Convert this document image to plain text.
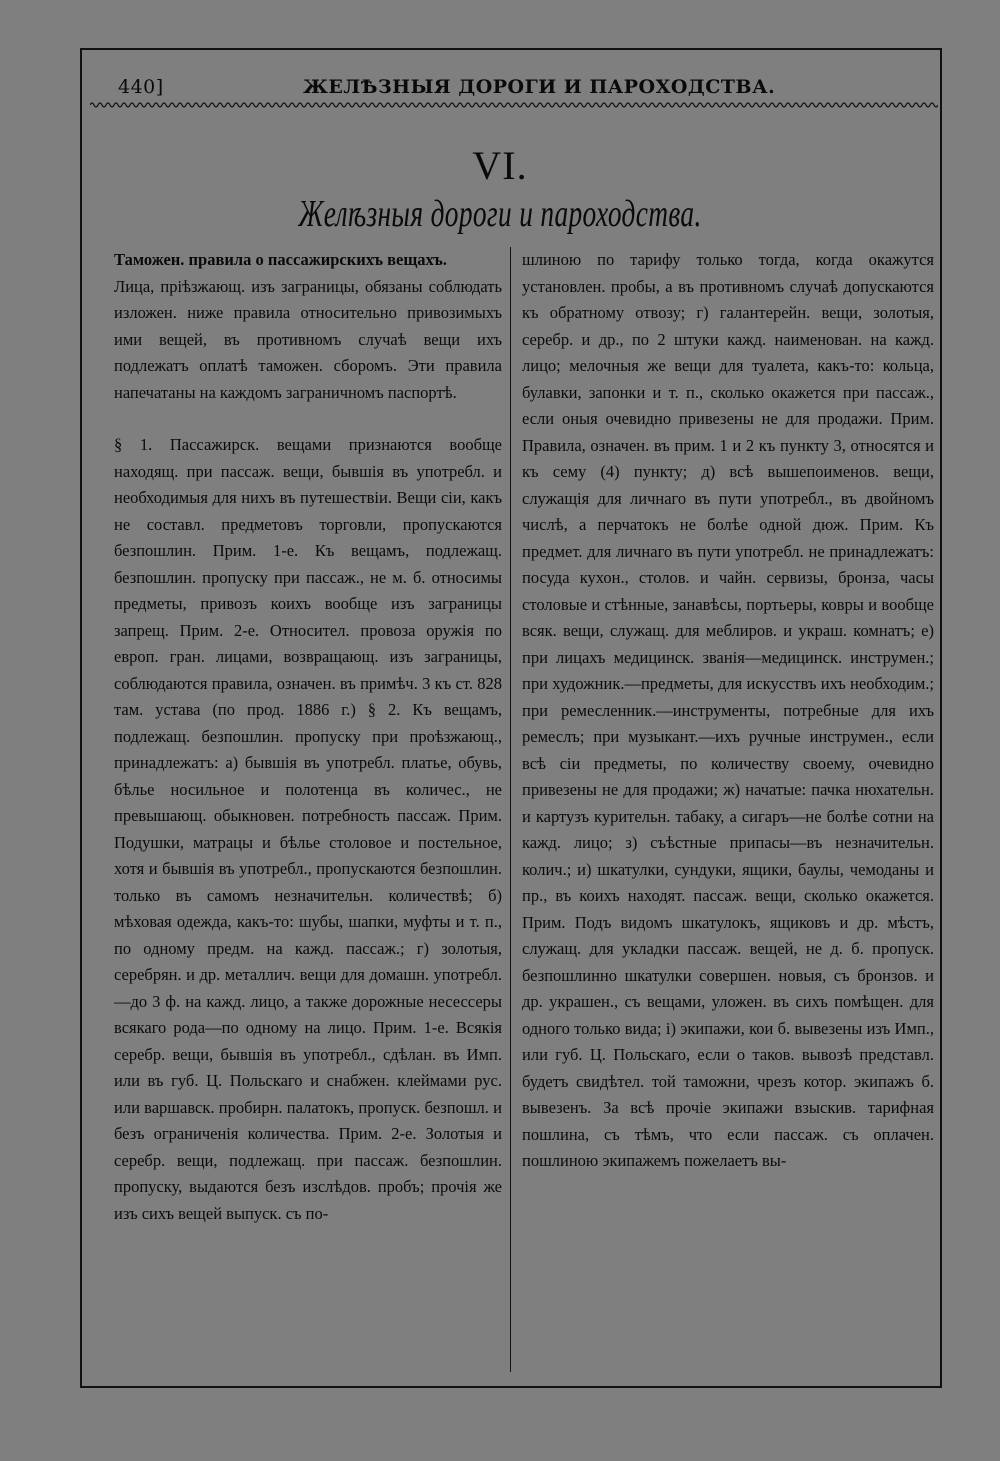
440]	ЖЕЛѢЗНЫЯ ДОРОГИ И ПАРОХОДСТВА.
VI.
Желѣзныя дороги и пароходства.

Таможен. правила о пассажирскихъ вещахъ.

Лица, прiѣзжающ. изъ заграницы, обязаны соблюдать изложен. ниже правила относительно привозимыхъ ими вещей, въ противномъ случаѣ вещи ихъ подлежатъ оплатѣ таможен. сборомъ. Эти правила напечатаны на каждомъ заграничномъ паспортѣ.

§ 1. Пассажирск. вещами признаются вообще находящ. при пассаж. вещи, бывшiя въ употребл. и необходимыя для нихъ въ путешествiи. Вещи сiи, какъ не составл. предметовъ торговли, пропускаются безпошлин. Прим. 1-е. Къ вещамъ, подлежащ. безпошлин. пропуску при пассаж., не м. б. относимы предметы, привозъ коихъ вообще изъ заграницы запрещ. Прим. 2-е. Относител. провоза оружiя по европ. гран. лицами, возвращающ. изъ заграницы, соблюдаются правила, означен. въ примѣч. 3 къ ст. 828 там. устава (по прод. 1886 г.) § 2. Къ вещамъ, подлежащ. безпошлин. пропуску при проѣзжающ., принадлежатъ: а) бывшiя въ употребл. платье, обувь, бѣлье носильное и полотенца въ количес., не превышающ. обыкновен. потребность пассаж. Прим. Подушки, матрацы и бѣлье столовое и постельное, хотя и бывшiя въ употребл., пропускаются безпошлин. только въ самомъ незначительн. количествѣ; б) мѣховая одежда, какъ-то: шубы, шапки, муфты и т. п., по одному предм. на кажд. пассаж.; г) золотыя, серебрян. и др. металлич. вещи для домашн. употребл.—до 3 ф. на кажд. лицо, а также дорожные несессеры всякаго рода—по одному на лицо. Прим. 1-е. Всякiя серебр. вещи, бывшiя въ употребл., сдѣлан. въ Имп. или въ губ. Ц. Польскаго и снабжен. клеймами рус. или варшавск. пробирн. палатокъ, пропуск. безпошл. и безъ ограниченiя количества. Прим. 2-е. Золотыя и серебр. вещи, подлежащ. при пассаж. безпошлин. пропуску, выдаются безъ изслѣдов. пробъ; прочiя же изъ сихъ вещей выпуск. съ по-

шлиною по тарифу только тогда, когда окажутся установлен. пробы, а въ противномъ случаѣ допускаются къ обратному отвозу; г) галантерейн. вещи, золотыя, серебр. и др., по 2 штуки кажд. наименован. на кажд. лицо; мелочныя же вещи для туалета, какъ-то: кольца, булавки, запонки и т. п., сколько окажется при пассаж., если оныя очевидно привезены не для продажи. Прим. Правила, означен. въ прим. 1 и 2 къ пункту 3, относятся и къ сему (4) пункту; д) всѣ вышепоименов. вещи, служащiя для личнаго въ пути употребл., въ двойномъ числѣ, а перчатокъ не болѣе одной дюж. Прим. Къ предмет. для личнаго въ пути употребл. не принадлежатъ: посуда кухон., столов. и чайн. сервизы, бронза, часы столовые и стѣнные, занавѣсы, портьеры, ковры и вообще всяк. вещи, служащ. для меблиров. и украш. комнатъ; е) при лицахъ медицинск. званiя—медицинск. инструмен.; при художник.—предметы, для искусствъ ихъ необходим.; при ремесленник.—инструменты, потребные для ихъ ремеслъ; при музыкант.—ихъ ручные инструмен., если всѣ сiи предметы, по количеству своему, очевидно привезены не для продажи; ж) начатые: пачка нюхательн. и картузъ курительн. табаку, а сигаръ—не болѣе сотни на кажд. лицо; з) съѣстные припасы—въ незначительн. колич.; и) шкатулки, сундуки, ящики, баулы, чемоданы и пр., въ коихъ находят. пассаж. вещи, сколько окажется. Прим. Подъ видомъ шкатулокъ, ящиковъ и др. мѣстъ, служащ. для укладки пассаж. вещей, не д. б. пропуск. безпошлинно шкатулки совершен. новыя, съ бронзов. и др. украшен., съ вещами, уложен. въ сихъ помѣщен. для одного только вида; i) экипажи, кои б. вывезены изъ Имп., или губ. Ц. Польскаго, если о таков. вывозѣ представл. будетъ свидѣтел. той таможни, чрезъ котор. экипажъ б. вывезенъ. За всѣ прочiе экипажи взыскив. тарифная пошлина, съ тѣмъ, что если пассаж. съ оплачен. пошлиною экипажемъ пожелаетъ вы-
